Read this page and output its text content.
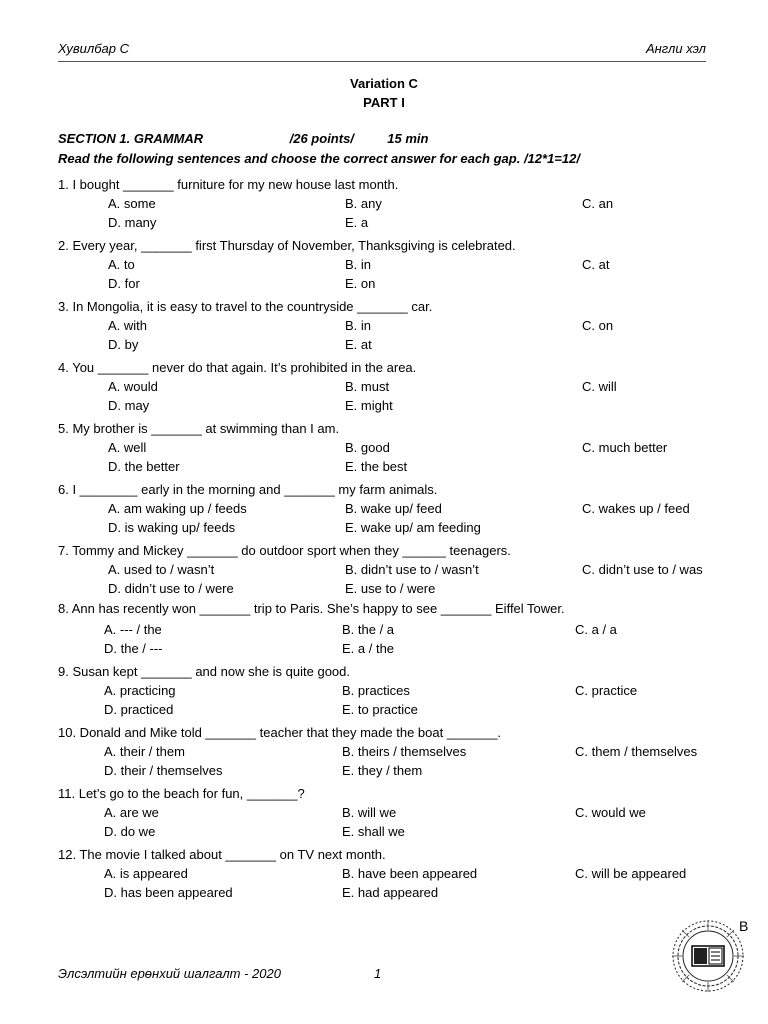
Хувилбар С	Англи хэл
Variation C
PART I
SECTION 1. GRAMMAR	/26 points/	15 min
Read the following sentences and choose the correct answer for each gap. /12*1=12/
1. I bought _______ furniture for my new house last month.
A. some	B. any	C. an
D. many	E. a
2. Every year, _______ first Thursday of November, Thanksgiving is celebrated.
A. to	B. in	C. at
D. for	E. on
3. In Mongolia, it is easy to travel to the countryside _______ car.
A. with	B. in	C. on
D. by	E. at
4. You _______ never do that again. It’s prohibited in the area.
A. would	B. must	C. will
D. may	E. might
5. My brother is _______ at swimming than I am.
A. well	B. good	C. much better
D. the better	E. the best
6. I ________ early in the morning and _______ my farm animals.
A. am waking up / feeds	B. wake up/ feed	C. wakes up / feed
D. is waking up/ feeds	E. wake up/ am feeding
7. Tommy and Mickey _______ do outdoor sport when they ______ teenagers.
A. used to / wasn’t	B. didn’t use to / wasn’t	C. didn’t use to / was
D. didn’t use to / were	E. use to / were
8. Ann has recently won _______ trip to Paris. She’s happy to see _______ Eiffel Tower.
A. --- / the	B. the / a	C. a / a
D. the / ---	E. a / the
9. Susan kept _______ and now she is quite good.
A. practicing	B. practices	C. practice
D. practiced	E. to practice
10. Donald and Mike told _______ teacher that they made the boat _______.
A. their / them	B. theirs / themselves	C. them / themselves
D. their / themselves	E. they / them
11. Let’s go to the beach for fun, _______?
A. are we	B. will we	C. would we
D. do we	E. shall we
12. The movie I talked about _______ on TV next month.
A. is appeared	B. have been appeared	C. will be appeared
D. has been appeared	E. had appeared
Элсэлтийн ерөнхий шалгалт - 2020	1
B
